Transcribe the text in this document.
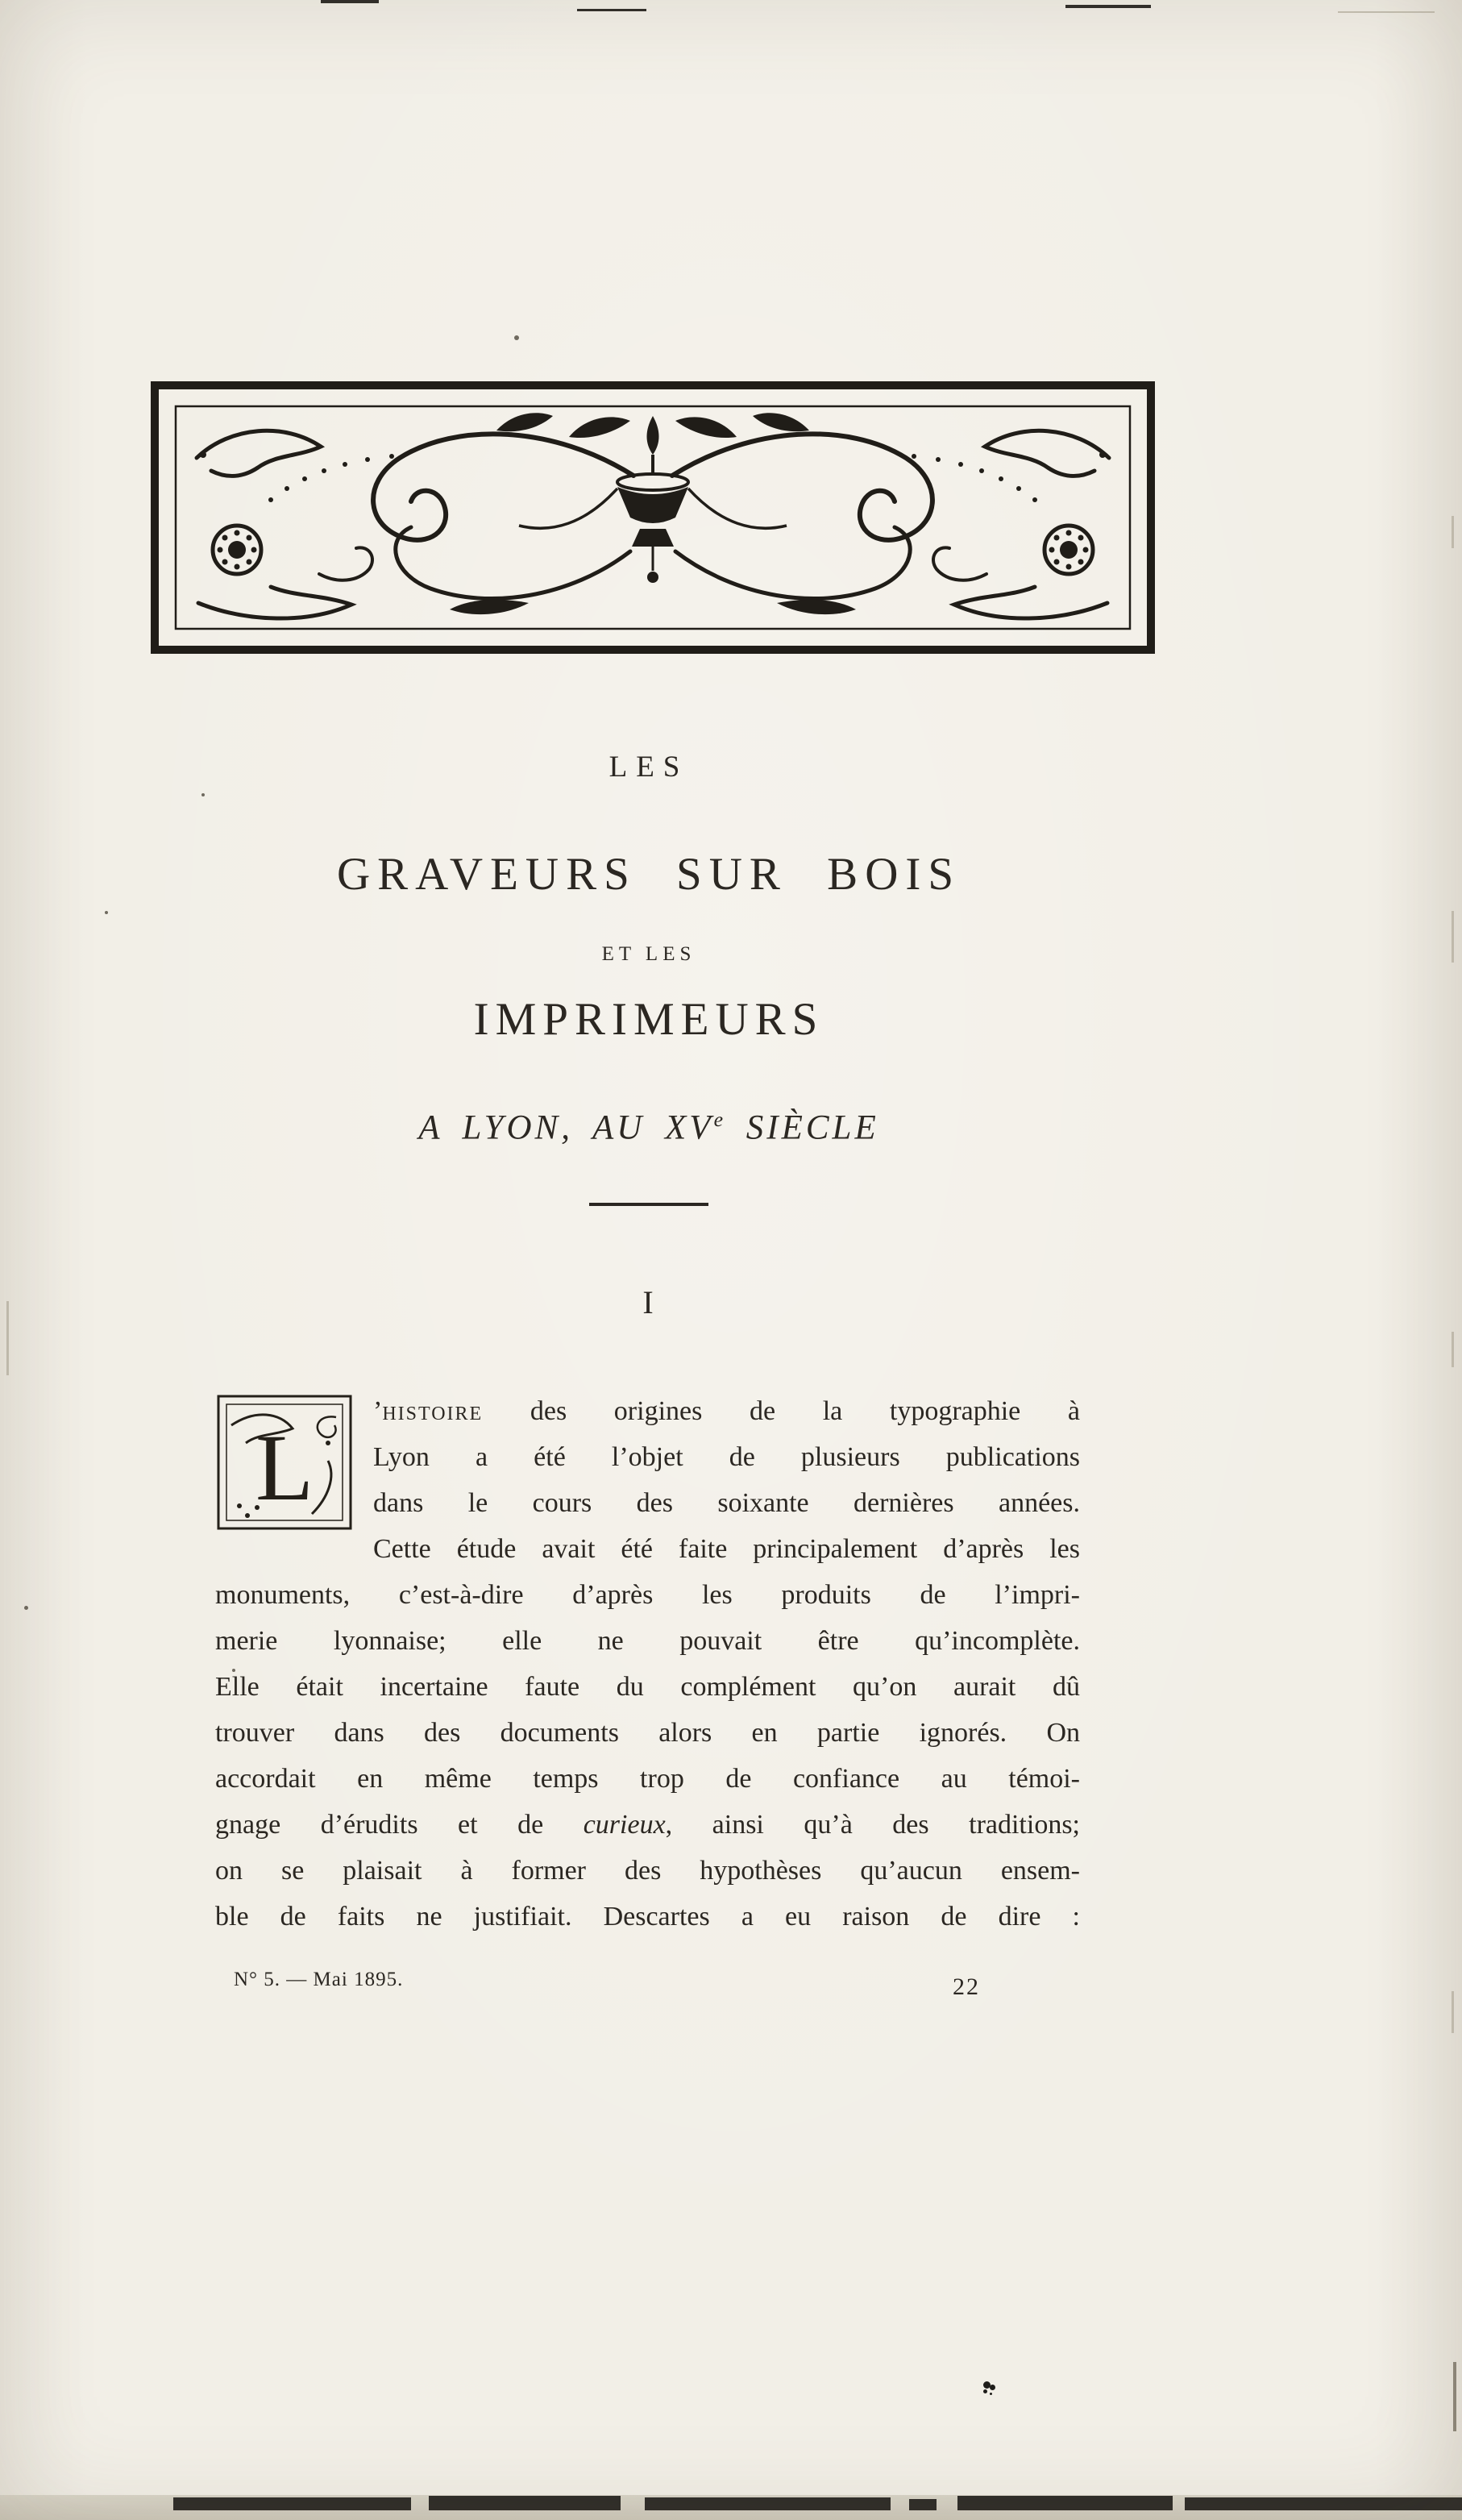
LES
GRAVEURS SUR BOIS
ET LES
IMPRIMEURS
A LYON, AU XVe SIÈCLE
I
L
’histoire des origines de la typographie à
Lyon a été l’objet de plusieurs publications
dans le cours des soixante dernières années.
Cette étude avait été faite principalement d’après les
monuments, c’est-à-dire d’après les produits de l’impri-
merie lyonnaise; elle ne pouvait être qu’incomplète.
Elle était incertaine faute du complément qu’on aurait dû
trouver dans des documents alors en partie ignorés. On
accordait en même temps trop de confiance au témoi-
gnage d’érudits et de curieux, ainsi qu’à des traditions;
on se plaisait à former des hypothèses qu’aucun ensem-
ble de faits ne justifiait. Descartes a eu raison de dire :
N° 5. — Mai 1895.	22
